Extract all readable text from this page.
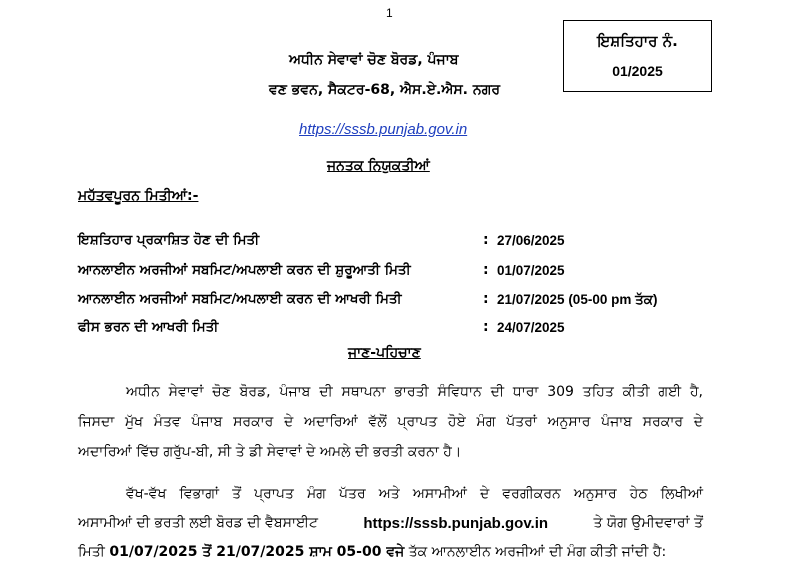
1
ਇਸ਼ਤਿਹਾਰ ਨੰ.
01/2025
ਅਧੀਨ ਸੇਵਾਵਾਂ ਚੋਣ ਬੋਰਡ, ਪੰਜਾਬ
ਵਣ ਭਵਨ, ਸੈਕਟਰ-68, ਐਸ.ਏ.ਐਸ. ਨਗਰ
https://sssb.punjab.gov.in
ਜਨਤਕ ਨਿਯੁਕਤੀਆਂ
ਮਹੱਤਵਪੂਰਨ ਮਿਤੀਆਂ:-
ਇਸ਼ਤਿਹਾਰ ਪ੍ਰਕਾਸ਼ਿਤ ਹੋਣ ਦੀ ਮਿਤੀ	: 27/06/2025
ਆਨਲਾਈਨ ਅਰਜੀਆਂ ਸਬਮਿਟ/ਅਪਲਾਈ ਕਰਨ ਦੀ ਸ਼ੁਰੂਆਤੀ ਮਿਤੀ	: 01/07/2025
ਆਨਲਾਈਨ ਅਰਜੀਆਂ ਸਬਮਿਟ/ਅਪਲਾਈ ਕਰਨ ਦੀ ਆਖਰੀ ਮਿਤੀ	: 21/07/2025 (05-00 pm ਤੱਕ)
ਫੀਸ ਭਰਨ ਦੀ ਆਖਰੀ ਮਿਤੀ	: 24/07/2025
ਜਾਣ-ਪਹਿਚਾਣ
ਅਧੀਨ ਸੇਵਾਵਾਂ ਚੋਣ ਬੋਰਡ, ਪੰਜਾਬ ਦੀ ਸਥਾਪਨਾ ਭਾਰਤੀ ਸੰਵਿਧਾਨ ਦੀ ਧਾਰਾ 309 ਤਹਿਤ ਕੀਤੀ ਗਈ ਹੈ,
ਜਿਸਦਾ ਮੁੱਖ ਮੰਤਵ ਪੰਜਾਬ ਸਰਕਾਰ ਦੇ ਅਦਾਰਿਆਂ ਵੱਲੋਂ ਪ੍ਰਾਪਤ ਹੋਏ ਮੰਗ ਪੱਤਰਾਂ ਅਨੁਸਾਰ ਪੰਜਾਬ ਸਰਕਾਰ ਦੇ
ਅਦਾਰਿਆਂ ਵਿੱਚ ਗਰੁੱਪ-ਬੀ, ਸੀ ਤੇ ਡੀ ਸੇਵਾਵਾਂ ਦੇ ਅਮਲੇ ਦੀ ਭਰਤੀ ਕਰਨਾ ਹੈ।
ਵੱਖ-ਵੱਖ ਵਿਭਾਗਾਂ ਤੋਂ ਪ੍ਰਾਪਤ ਮੰਗ ਪੱਤਰ ਅਤੇ ਅਸਾਮੀਆਂ ਦੇ ਵਰਗੀਕਰਨ ਅਨੁਸਾਰ ਹੇਠ ਲਿਖੀਆਂ
ਅਸਾਮੀਆਂ ਦੀ ਭਰਤੀ ਲਈ ਬੋਰਡ ਦੀ ਵੈਬਸਾਈਟ	https://sssb.punjab.gov.in	ਤੇ ਯੋਗ ਉਮੀਦਵਾਰਾਂ ਤੋਂ
ਮਿਤੀ 01/07/2025 ਤੋਂ 21/07/2025 ਸ਼ਾਮ 05-00 ਵਜੇ ਤੱਕ ਆਨਲਾਈਨ ਅਰਜੀਆਂ ਦੀ ਮੰਗ ਕੀਤੀ ਜਾਂਦੀ ਹੈ:
